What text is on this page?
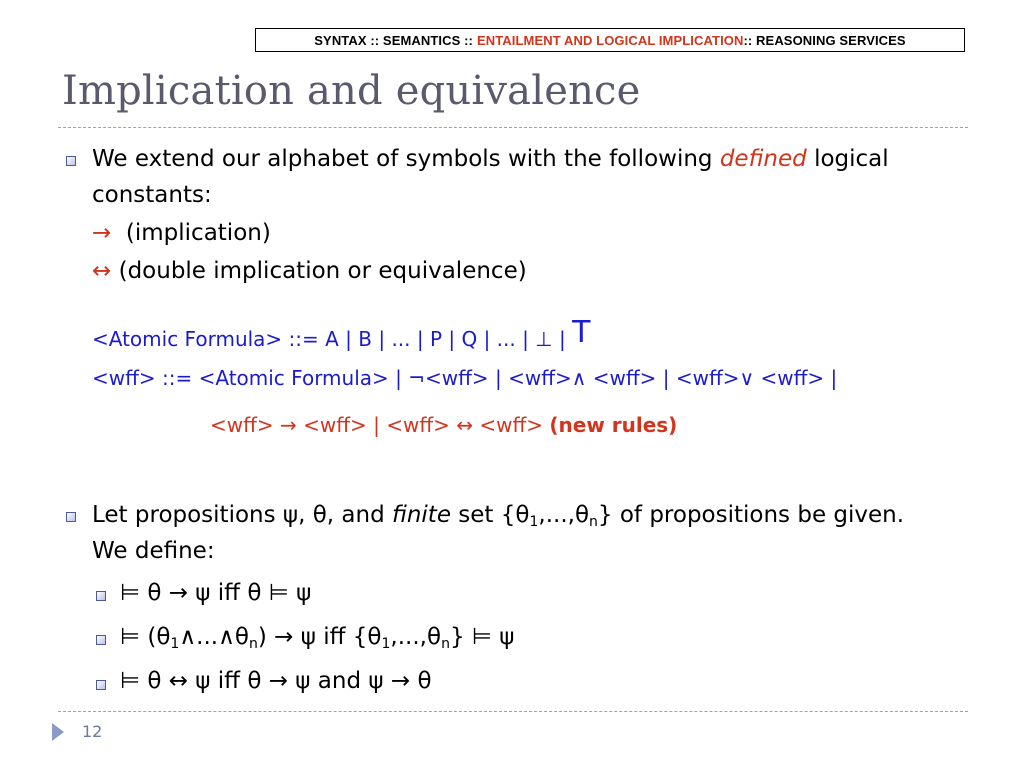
SYNTAX :: SEMANTICS :: ENTAILMENT AND LOGICAL IMPLICATION :: REASONING SERVICES
Implication and equivalence
We extend our alphabet of symbols with the following defined logical
constants:
→ (implication)
↔ (double implication or equivalence)
<Atomic Formula> ::= A | B | ... | P | Q | ... | ⊥ | T
<wff> ::= <Atomic Formula> | ¬<wff> | <wff>∧ <wff> | <wff>∨ <wff> |
<wff> → <wff> | <wff> ↔ <wff> (new rules)
Let propositions ψ, θ, and finite set {θ1,...,θn} of propositions be given.
We define:
⊨ θ → ψ iff θ ⊨ ψ
⊨ (θ1∧...∧θn) → ψ iff {θ1,...,θn} ⊨ ψ
⊨ θ ↔ ψ iff θ → ψ and ψ → θ
12
